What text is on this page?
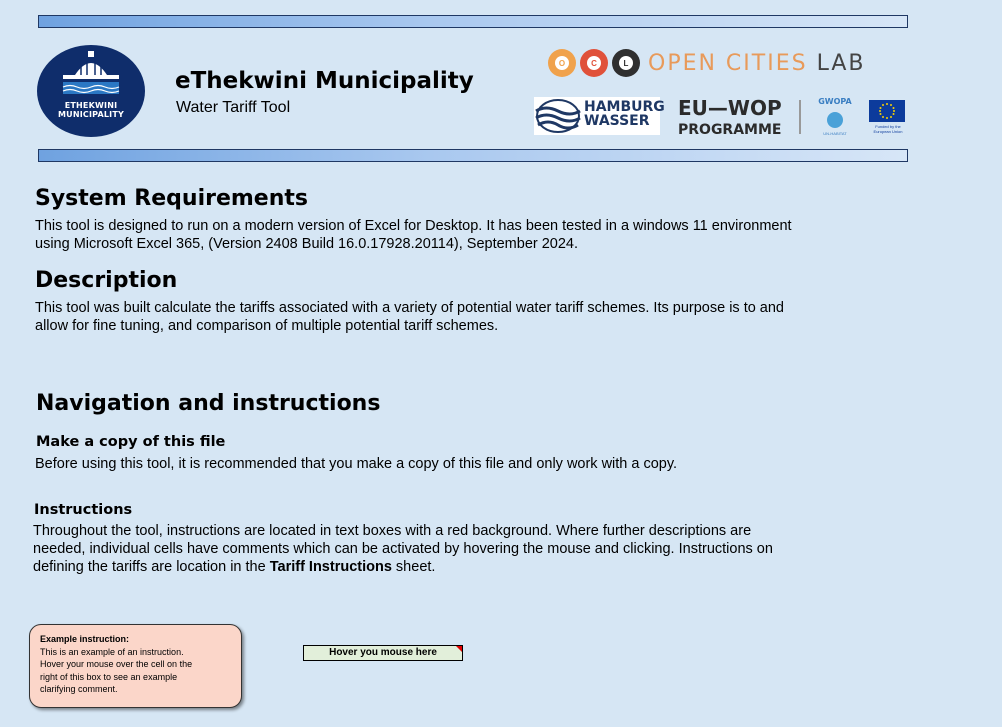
ETHEKWINI
MUNICIPALITY
eThekwini Municipality
Water Tariff Tool
O	C	L OPEN CITIES LAB
HAMBURG
WASSER
EU—WOP
PROGRAMME
GWOPA
UN-HABITAT
Funded by the European Union
System Requirements

This tool is designed to run on a modern version of Excel for Desktop. It has been tested in a windows 11 environment

using Microsoft Excel 365, (Version 2408 Build 16.0.17928.20114), September 2024.

Description

This tool was built calculate the tariffs associated with a variety of potential water tariff schemes. Its purpose is to and

allow for fine tuning, and comparison of multiple potential tariff schemes.

Navigation and instructions
Make a copy of this file

Before using this tool, it is recommended that you make a copy of this file and only work with a copy.

Instructions

Throughout the tool, instructions are located in text boxes with a red background. Where further descriptions are

needed, individual cells have comments which can be activated by hovering the mouse and clicking. Instructions on

defining the tariffs are location in the Tariff Instructions sheet.

Example instruction:
This is an example of an instruction.
Hover your mouse over the cell on the
right of this box to see an example
clarifying comment.
Hover you mouse here
